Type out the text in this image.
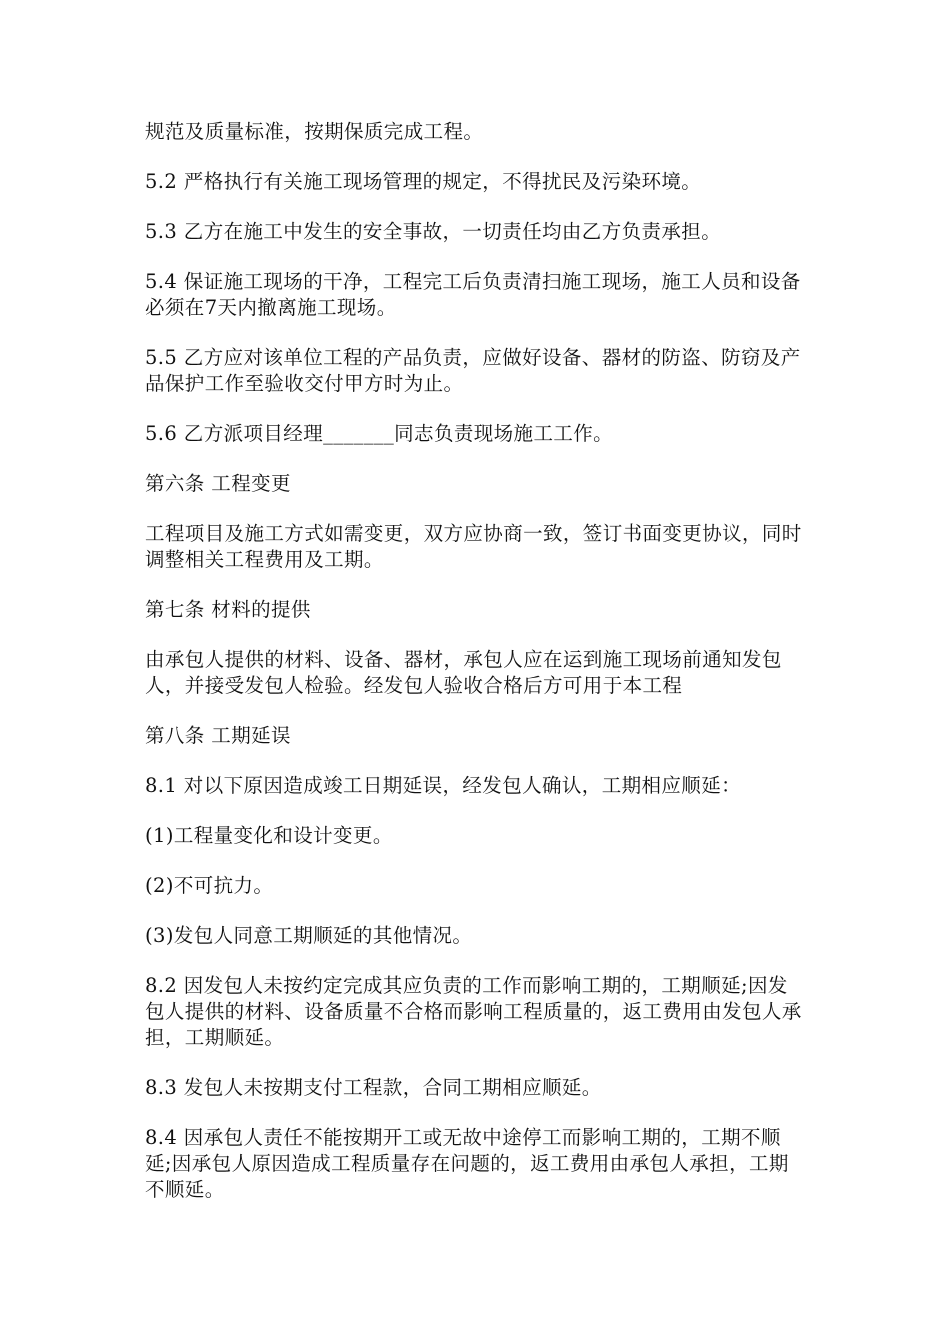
规范及质量标准，按期保质完成工程。

5.2 严格执行有关施工现场管理的规定，不得扰民及污染环境。

5.3 乙方在施工中发生的安全事故，一切责任均由乙方负责承担。

5.4 保证施工现场的干净，工程完工后负责清扫施工现场，施工人员和设备必须在7天内撤离施工现场。

5.5 乙方应对该单位工程的产品负责，应做好设备、器材的防盗、防窃及产品保护工作至验收交付甲方时为止。

5.6 乙方派项目经理_______同志负责现场施工工作。

第六条 工程变更

工程项目及施工方式如需变更，双方应协商一致，签订书面变更协议，同时调整相关工程费用及工期。

第七条 材料的提供

由承包人提供的材料、设备、器材，承包人应在运到施工现场前通知发包人，并接受发包人检验。经发包人验收合格后方可用于本工程

第八条 工期延误

8.1 对以下原因造成竣工日期延误，经发包人确认，工期相应顺延：

(1)工程量变化和设计变更。

(2)不可抗力。

(3)发包人同意工期顺延的其他情况。

8.2 因发包人未按约定完成其应负责的工作而影响工期的，工期顺延;因发包人提供的材料、设备质量不合格而影响工程质量的，返工费用由发包人承担，工期顺延。

8.3 发包人未按期支付工程款，合同工期相应顺延。

8.4 因承包人责任不能按期开工或无故中途停工而影响工期的，工期不顺延;因承包人原因造成工程质量存在问题的，返工费用由承包人承担，工期不顺延。
